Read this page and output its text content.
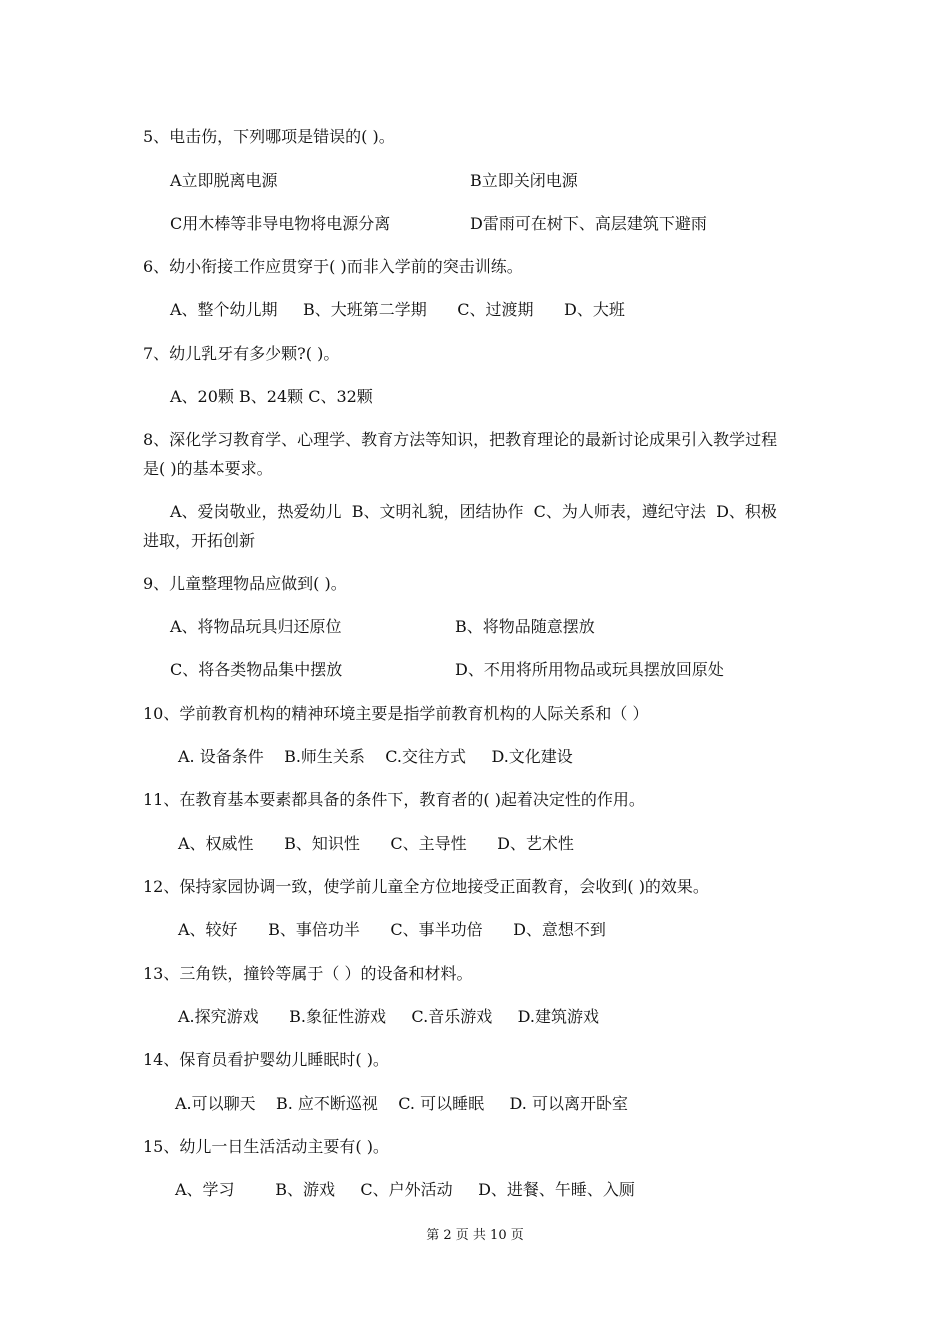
5、电击伤，下列哪项是错误的( )。
A立即脱离电源	B立即关闭电源
C用木棒等非导电物将电源分离	D雷雨可在树下、高层建筑下避雨
6、幼小衔接工作应贯穿于( )而非入学前的突击训练。
A、整个幼儿期     B、大班第二学期      C、过渡期      D、大班
7、幼儿乳牙有多少颗?( )。
A、20颗 B、24颗 C、32颗
8、深化学习教育学、心理学、教育方法等知识，把教育理论的最新讨论成果引入教学过程
是( )的基本要求。
A、爱岗敬业，热爱幼儿  B、文明礼貌，团结协作  C、为人师表，遵纪守法  D、积极
进取，开拓创新
9、儿童整理物品应做到( )。
A、将物品玩具归还原位	B、将物品随意摆放
C、将各类物品集中摆放	D、不用将所用物品或玩具摆放回原处
10、学前教育机构的精神环境主要是指学前教育机构的人际关系和（ ）
A. 设备条件    B.师生关系    C.交往方式     D.文化建设
11、在教育基本要素都具备的条件下，教育者的( )起着决定性的作用。
A、权威性      B、知识性      C、主导性      D、艺术性
12、保持家园协调一致，使学前儿童全方位地接受正面教育，会收到( )的效果。
A、较好      B、事倍功半      C、事半功倍      D、意想不到
13、三角铁，撞铃等属于（ ）的设备和材料。
A.探究游戏      B.象征性游戏     C.音乐游戏     D.建筑游戏
14、保育员看护婴幼儿睡眠时( )。
A.可以聊天    B. 应不断巡视    C. 可以睡眠     D. 可以离开卧室
15、幼儿一日生活活动主要有( )。
A、学习        B、游戏     C、户外活动     D、进餐、午睡、入厕
第 2 页 共 10 页
